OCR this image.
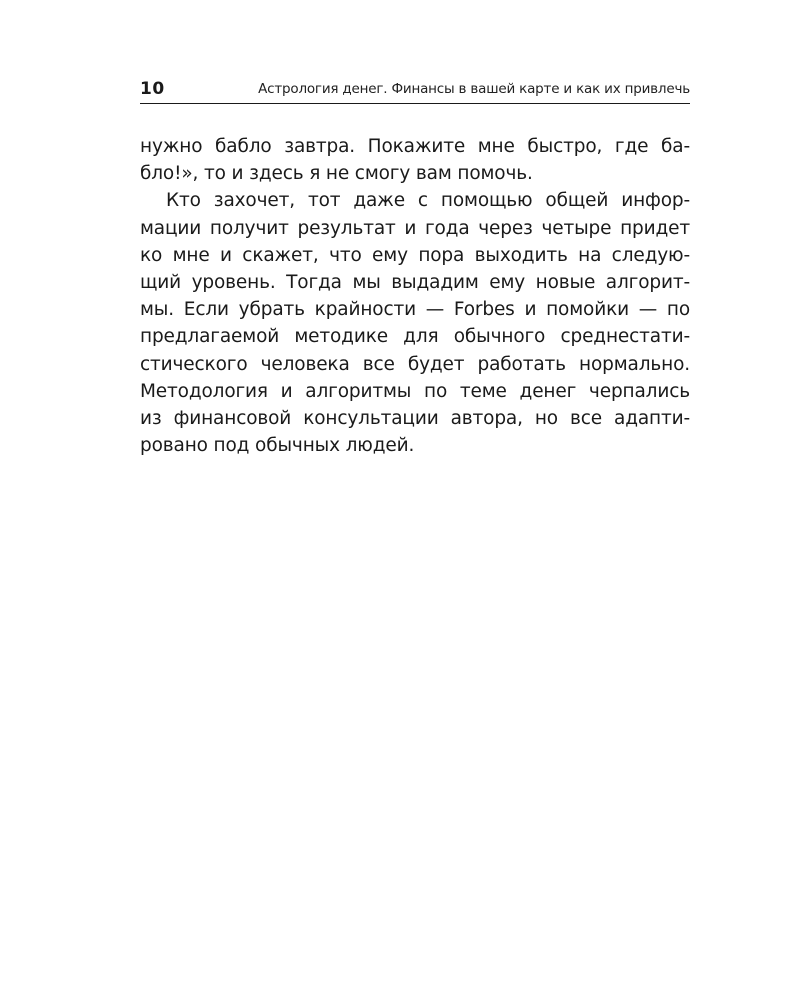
10	Астрология денег. Финансы в вашей карте и как их привлечь
нужно бабло завтра. Покажите мне быстро, где ба-
бло!», то и здесь я не смогу вам помочь.
Кто захочет, тот даже с помощью общей инфор-
мации получит результат и года через четыре придет
ко мне и скажет, что ему пора выходить на следую-
щий уровень. Тогда мы выдадим ему новые алгорит-
мы. Если убрать крайности — Forbes и помойки — по
предлагаемой методике для обычного среднестати-
стического человека все будет работать нормально.
Методология и алгоритмы по теме денег черпались
из финансовой консультации автора, но все адапти-
ровано под обычных людей.
